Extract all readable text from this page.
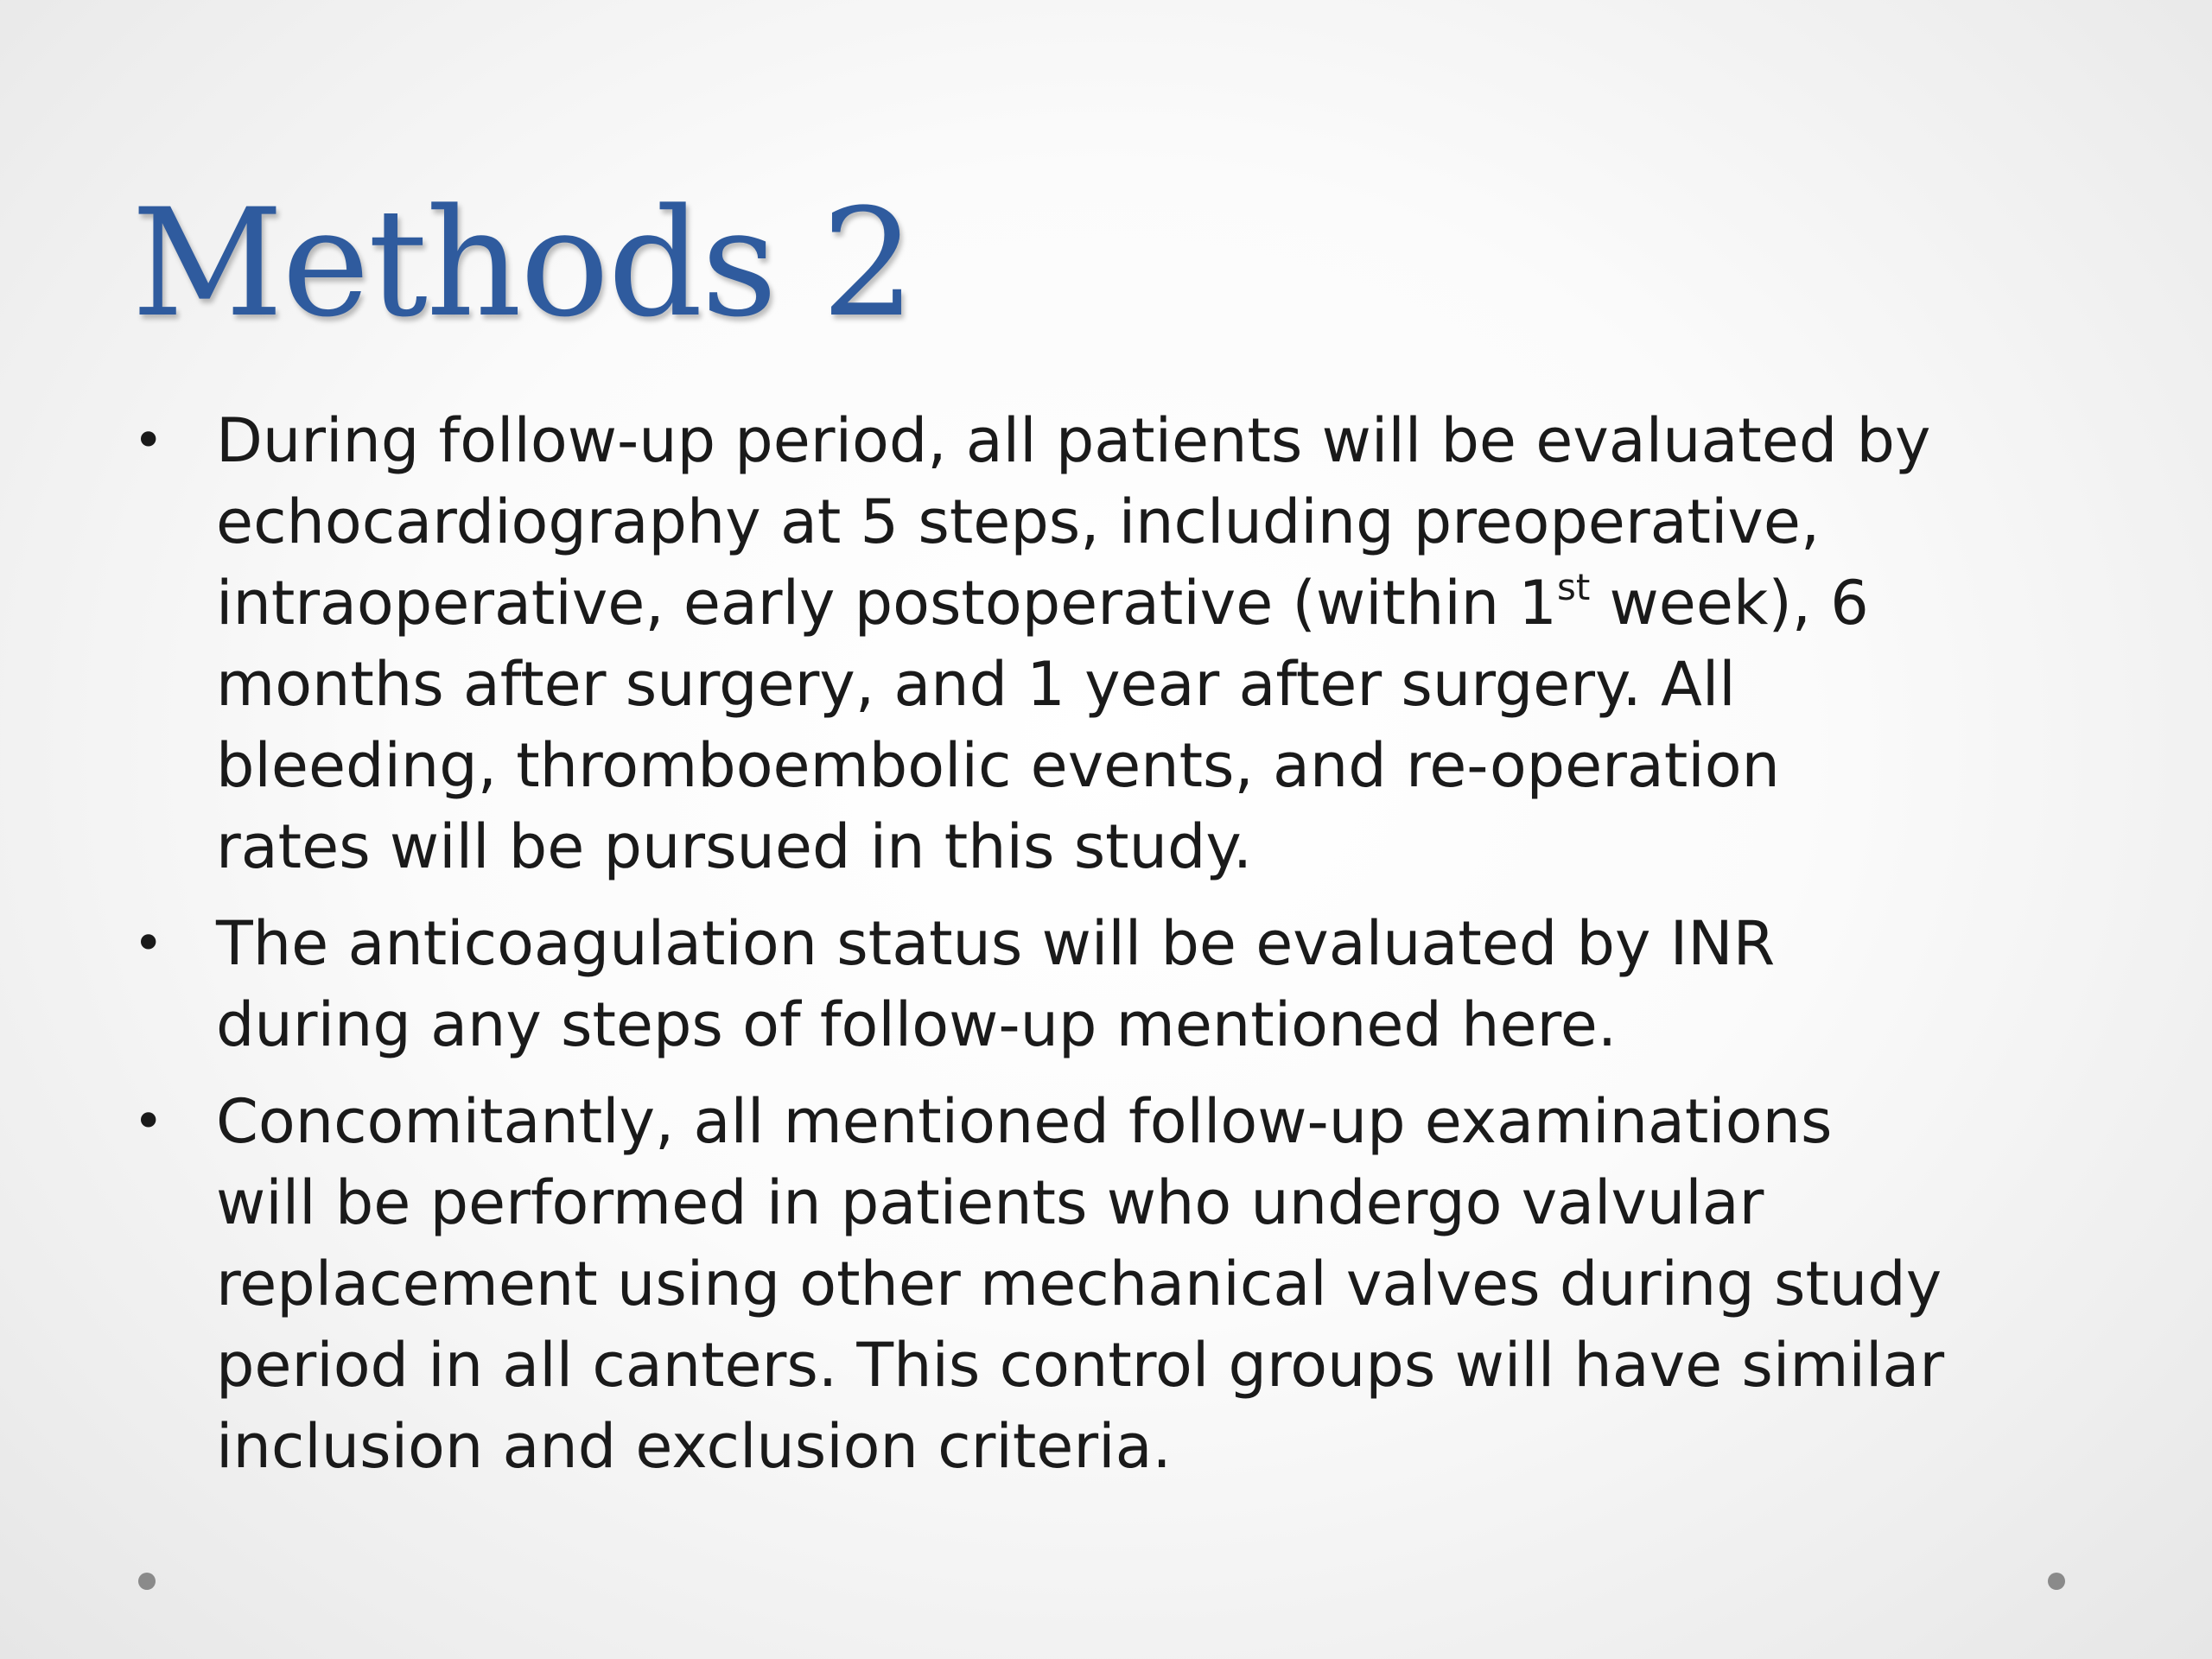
Methods 2
• During follow-up period, all patients will be evaluated by
echocardiography at 5 steps, including preoperative,
intraoperative, early postoperative (within 1st week), 6
months after surgery, and 1 year after surgery. All
bleeding, thromboembolic events, and re-operation
rates will be pursued in this study.
• The anticoagulation status will be evaluated by INR
during any steps of follow-up mentioned here.
• Concomitantly, all mentioned follow-up examinations
will be performed in patients who undergo valvular
replacement using other mechanical valves during study
period in all canters. This control groups will have similar
inclusion and exclusion criteria.
